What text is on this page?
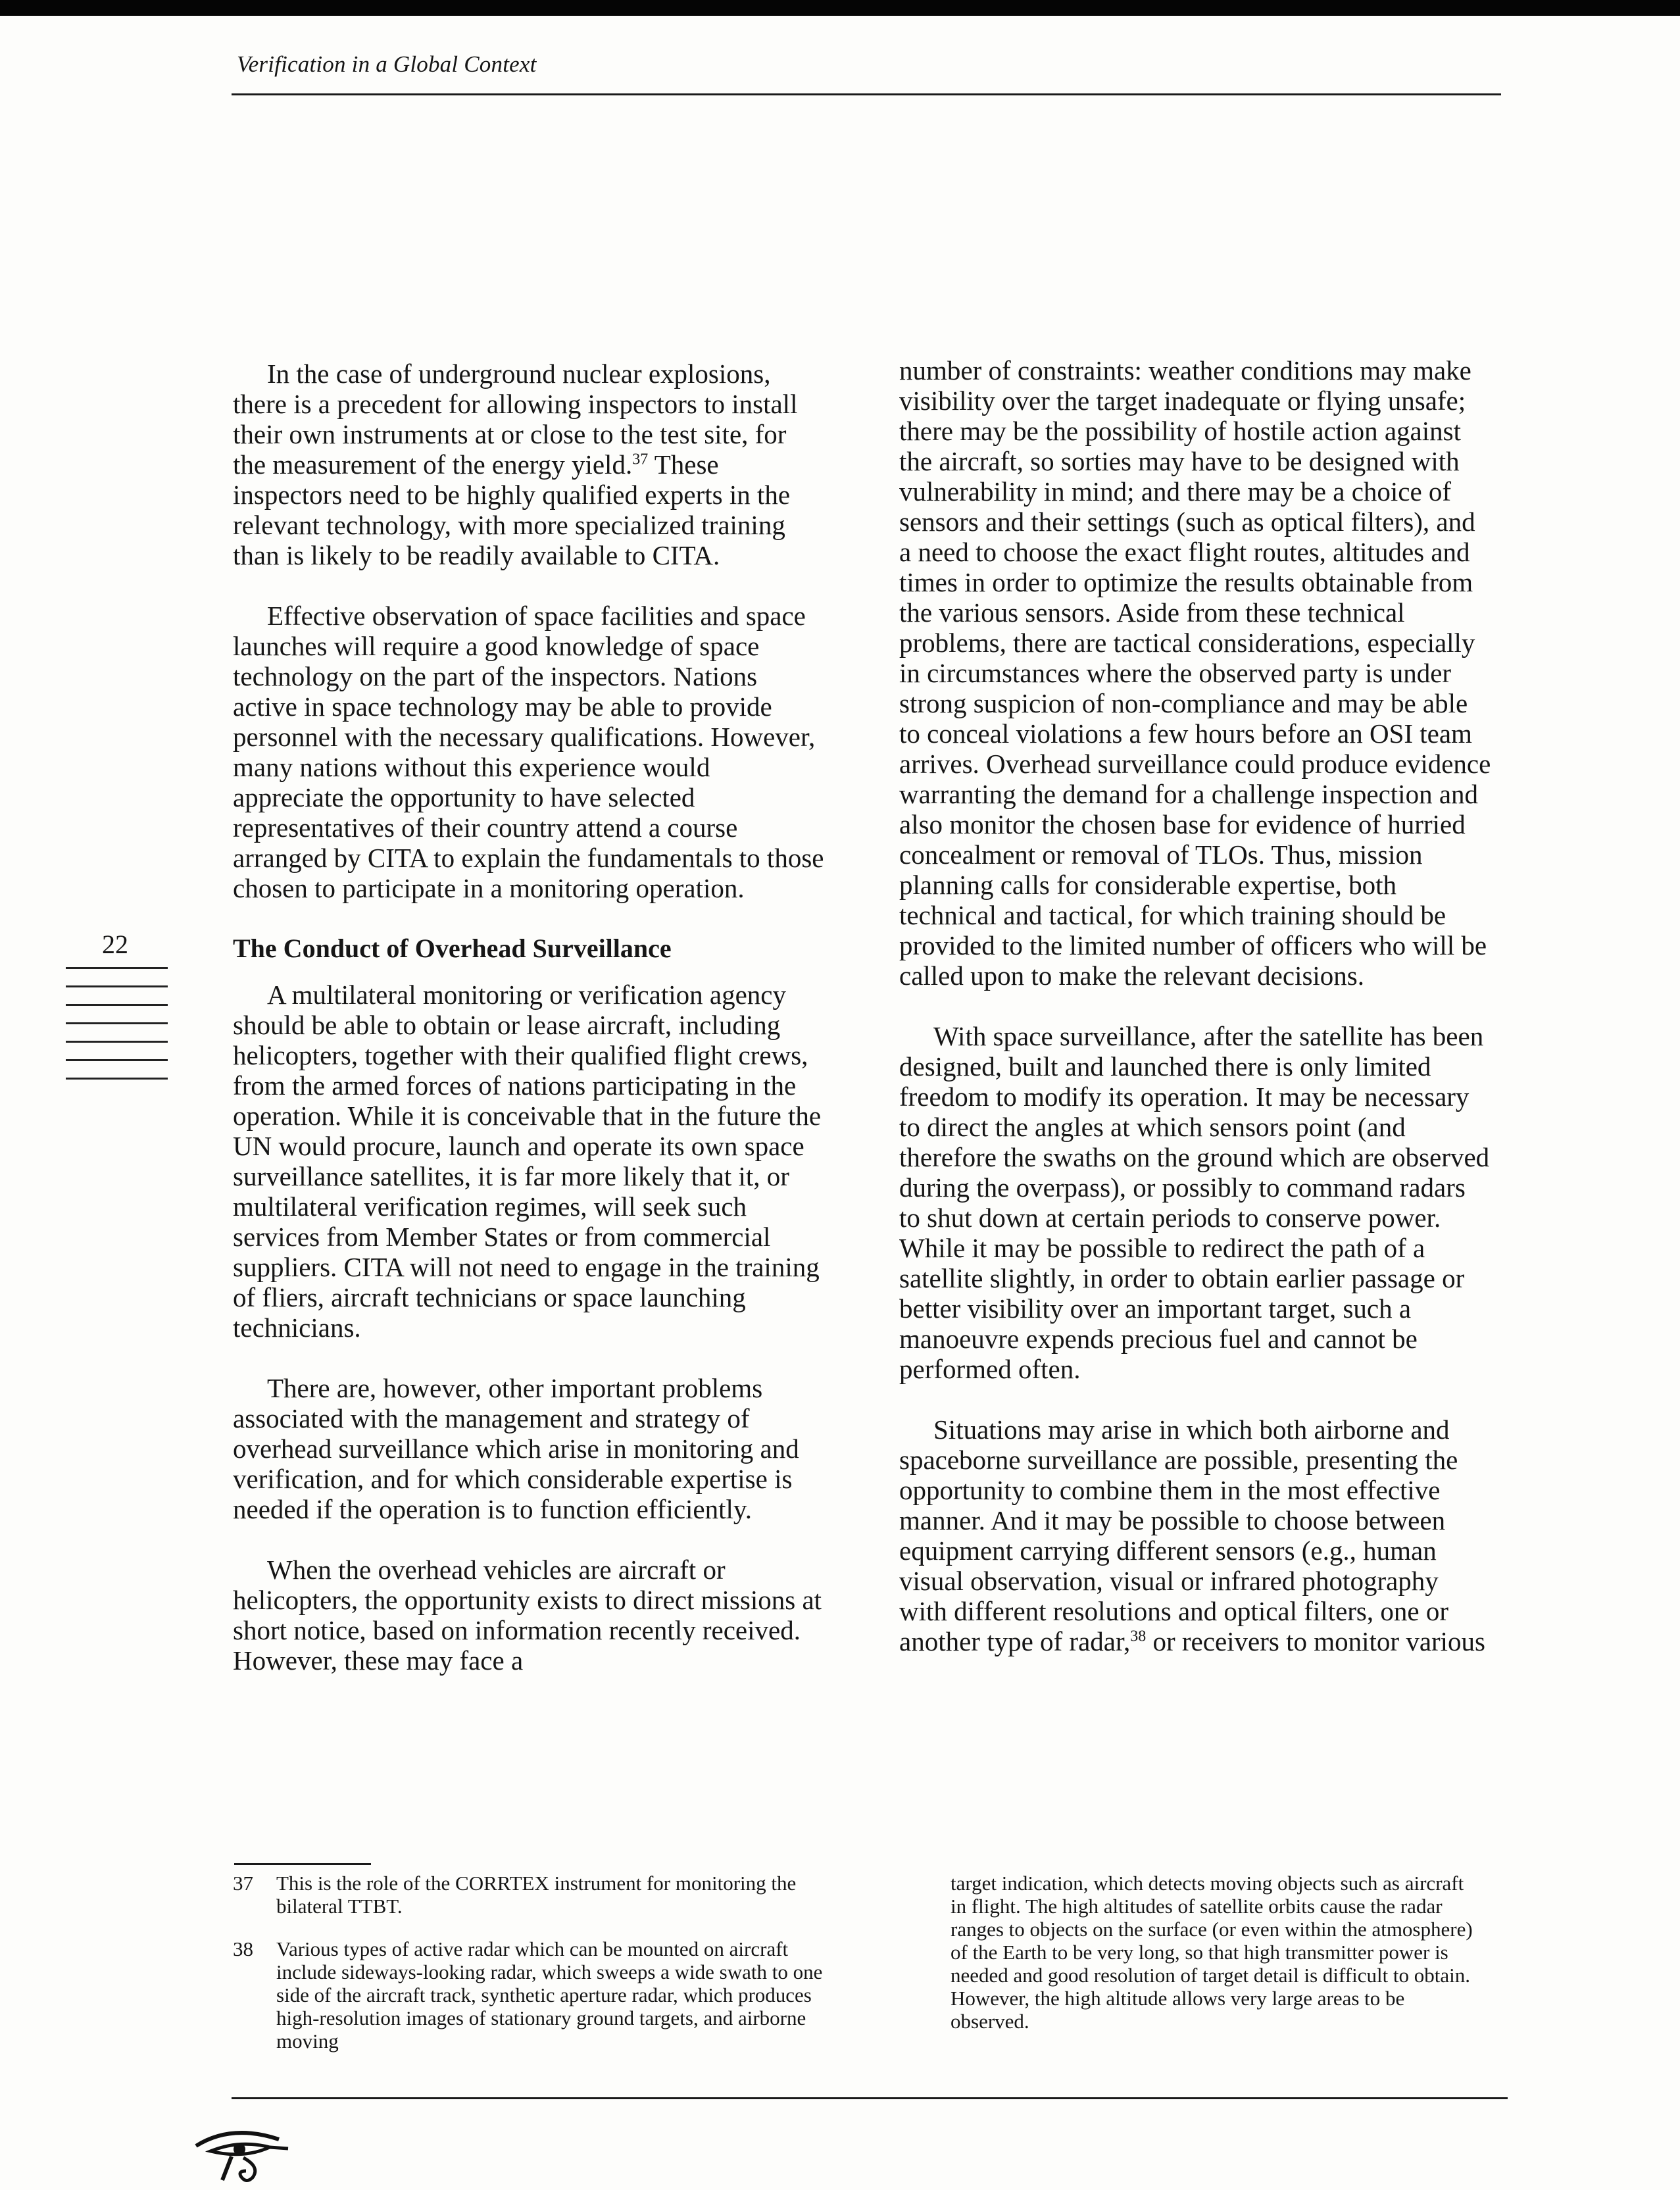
Verification in a Global Context

In the case of underground nuclear explosions, there is a precedent for allowing inspectors to install their own instruments at or close to the test site, for the measurement of the energy yield.$^{37}$ These inspectors need to be highly qualified experts in the relevant technology, with more specialized training than is likely to be readily available to CITA.

Effective observation of space facilities and space launches will require a good knowledge of space technology on the part of the inspectors. Nations active in space technology may be able to provide personnel with the necessary qualifications. However, many nations without this experience would appreciate the opportunity to have selected representatives of their country attend a course arranged by CITA to explain the fundamentals to those chosen to participate in a monitoring operation.

The Conduct of Overhead Surveillance

A multilateral monitoring or verification agency should be able to obtain or lease aircraft, including helicopters, together with their qualified flight crews, from the armed forces of nations participating in the operation. While it is conceivable that in the future the UN would procure, launch and operate its own space surveillance satellites, it is far more likely that it, or multilateral verification regimes, will seek such services from Member States or from commercial suppliers. CITA will not need to engage in the training of fliers, aircraft technicians or space launching technicians.

There are, however, other important problems associated with the management and strategy of overhead surveillance which arise in monitoring and verification, and for which considerable expertise is needed if the operation is to function efficiently.

When the overhead vehicles are aircraft or helicopters, the opportunity exists to direct missions at short notice, based on information recently received. However, these may face a

number of constraints: weather conditions may make visibility over the target inadequate or flying unsafe; there may be the possibility of hostile action against the aircraft, so sorties may have to be designed with vulnerability in mind; and there may be a choice of sensors and their settings (such as optical filters), and a need to choose the exact flight routes, altitudes and times in order to optimize the results obtainable from the various sensors. Aside from these technical problems, there are tactical considerations, especially in circumstances where the observed party is under strong suspicion of non-compliance and may be able to conceal violations a few hours before an OSI team arrives. Overhead surveillance could produce evidence warranting the demand for a challenge inspection and also monitor the chosen base for evidence of hurried concealment or removal of TLOs. Thus, mission planning calls for considerable expertise, both technical and tactical, for which training should be provided to the limited number of officers who will be called upon to make the relevant decisions.

With space surveillance, after the satellite has been designed, built and launched there is only limited freedom to modify its operation. It may be necessary to direct the angles at which sensors point (and therefore the swaths on the ground which are observed during the overpass), or possibly to command radars to shut down at certain periods to conserve power. While it may be possible to redirect the path of a satellite slightly, in order to obtain earlier passage or better visibility over an important target, such a manoeuvre expends precious fuel and cannot be performed often.

Situations may arise in which both airborne and spaceborne surveillance are possible, presenting the opportunity to combine them in the most effective manner. And it may be possible to choose between equipment carrying different sensors (e.g., human visual observation, visual or infrared photography with different resolutions and optical filters, one or another type of radar,$^{38}$ or receivers to monitor various

22
37	This is the role of the CORRTEX instrument for monitoring the bilateral TTBT.
38	Various types of active radar which can be mounted on aircraft include sideways-looking radar, which sweeps a wide swath to one side of the aircraft track, synthetic aperture radar, which produces high-resolution images of stationary ground targets, and airborne moving
target indication, which detects moving objects such as aircraft in flight. The high altitudes of satellite orbits cause the radar ranges to objects on the surface (or even within the atmosphere) of the Earth to be very long, so that high transmitter power is needed and good resolution of target detail is difficult to obtain. However, the high altitude allows very large areas to be observed.
